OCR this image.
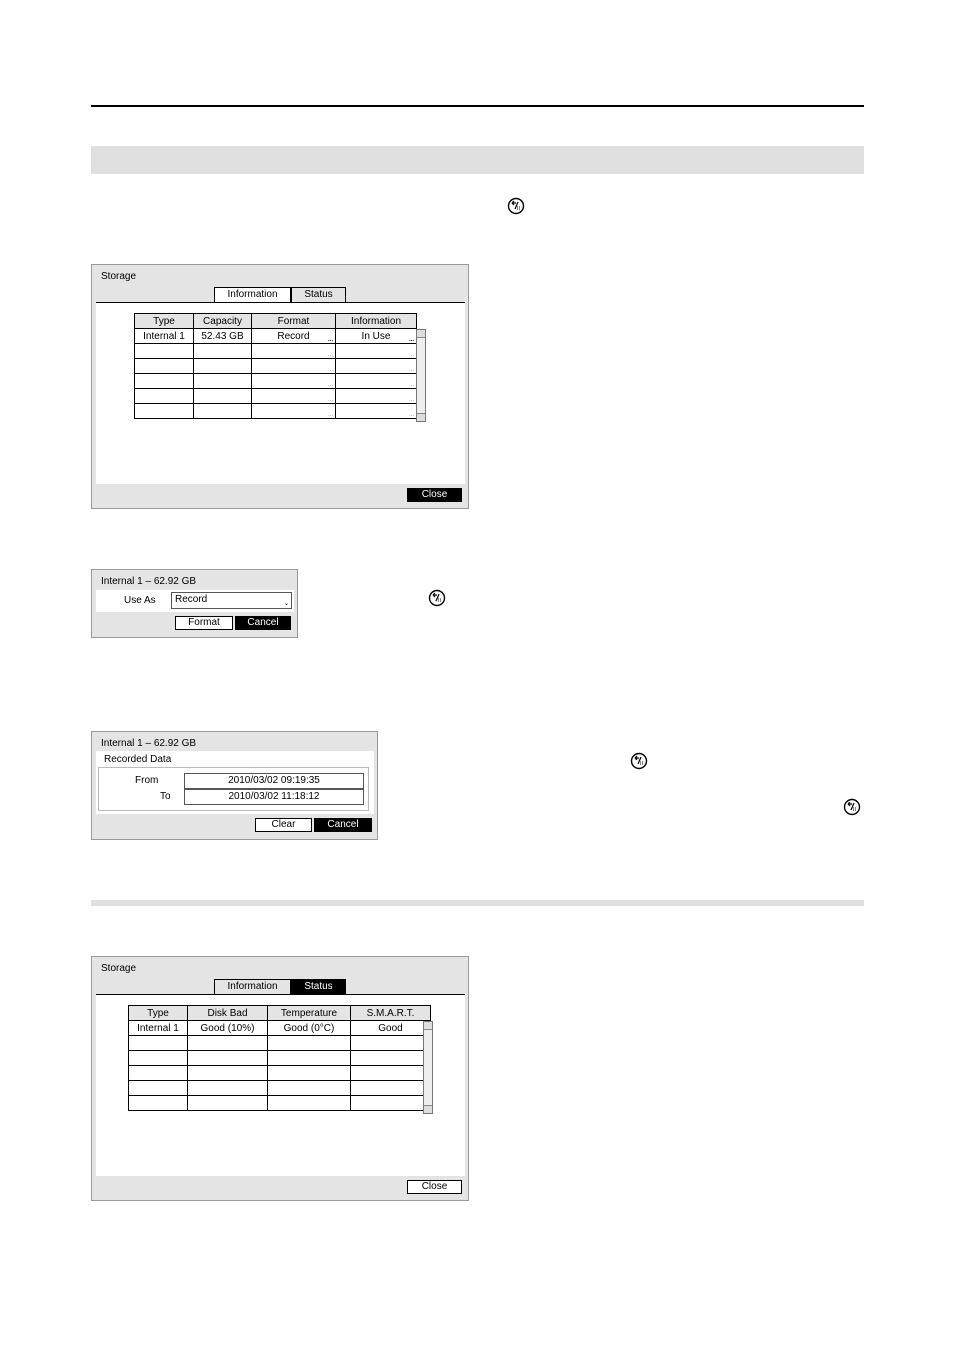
II
II
II
II
Storage
Information	Status
Type	Capacity	Format	Information
Internal 1	52.43 GB	Record ...	In Use ...

		...	...

		...	...

		...	...

		...	...

		...	...
Close
Internal 1 – 62.92 GB
Use As	Record	⌄
Format	Cancel
Internal 1 – 62.92 GB
Recorded Data
From	2010/03/02 09:19:35
To	2010/03/02 11:18:12
Clear	Cancel
Storage
Information	Status
Type	Disk Bad	Temperature	S.M.A.R.T.
Internal 1	Good (10%)	Good (0°C)	Good

Close
